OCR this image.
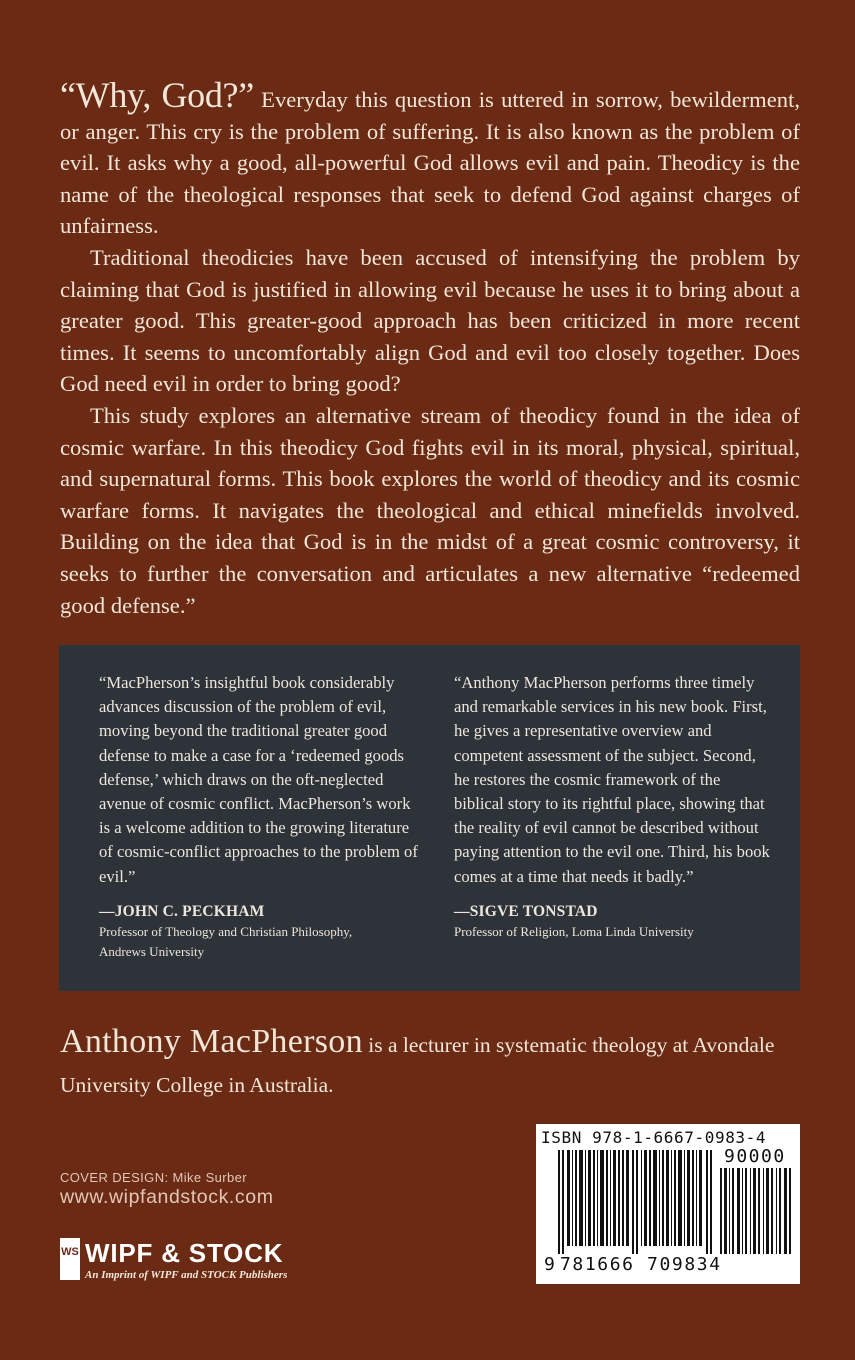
“Why, God?” Everyday this question is uttered in sorrow, bewilderment, or anger. This cry is the problem of suffering. It is also known as the problem of evil. It asks why a good, all-powerful God allows evil and pain. Theodicy is the name of the theological responses that seek to defend God against charges of unfairness.

Traditional theodicies have been accused of intensifying the problem by claiming that God is justified in allowing evil because he uses it to bring about a greater good. This greater-good approach has been criticized in more recent times. It seems to uncomfortably align God and evil too closely together. Does God need evil in order to bring good?

This study explores an alternative stream of theodicy found in the idea of cosmic warfare. In this theodicy God fights evil in its moral, physical, spiritual, and supernatural forms. This book explores the world of theodicy and its cosmic warfare forms. It navigates the theological and ethical minefields involved. Building on the idea that God is in the midst of a great cosmic controversy, it seeks to further the conversation and articulates a new alternative “redeemed good defense.”

“MacPherson’s insightful book considerably advances discussion of the problem of evil, moving beyond the traditional greater good defense to make a case for a ‘redeemed goods defense,’ which draws on the oft-neglected avenue of cosmic conflict. MacPherson’s work is a welcome addition to the growing literature of cosmic-conflict approaches to the problem of evil.”

—JOHN C. PECKHAM
Professor of Theology and Christian Philosophy,
Andrews University

“Anthony MacPherson performs three timely and remarkable services in his new book. First, he gives a representative overview and competent assessment of the subject. Second, he restores the cosmic framework of the biblical story to its rightful place, showing that the reality of evil cannot be described without paying attention to the evil one. Third, his book comes at a time that needs it badly.”

—SIGVE TONSTAD
Professor of Religion, Loma Linda University
Anthony MacPherson is a lecturer in systematic theology at Avondale University College in Australia.
COVER DESIGN: Mike Surber
www.wipfandstock.com
WS WIPF & STOCK
An Imprint of WIPF and STOCK Publishers
ISBN 978-1-6667-0983-4
90000
9 781666 709834
